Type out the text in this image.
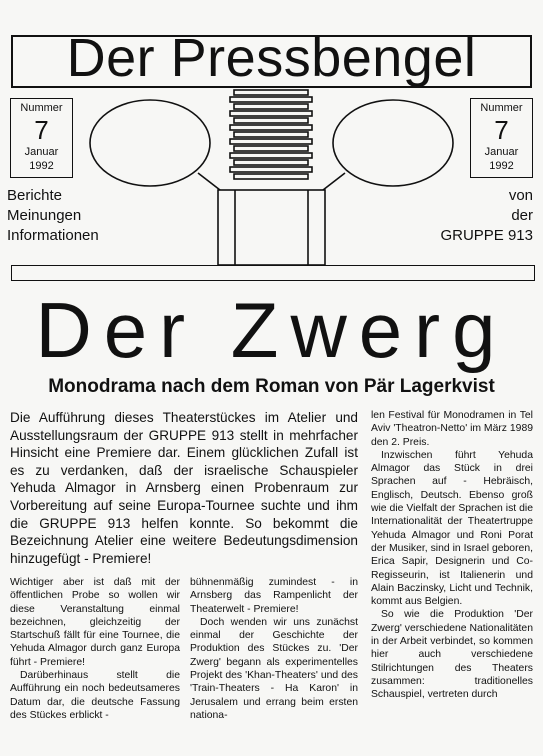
Der Pressbengel
Nummer
7
Januar
1992
Nummer
7
Januar
1992
Berichte
Meinungen
Informationen
von
der
GRUPPE 913
Der Zwerg
Monodrama nach dem Roman von Pär Lagerkvist
Die Aufführung dieses Theaterstückes im Atelier und Ausstellungsraum der GRUPPE 913 stellt in mehrfacher Hinsicht eine Premiere dar. Einem glücklichen Zufall ist es zu verdanken, daß der israelische Schauspieler Yehuda Almagor in Arnsberg einen Probenraum zur Vorbereitung auf seine Europa-Tournee suchte und ihm die GRUPPE 913 helfen konnte. So bekommt die Bezeichnung Atelier eine weitere Bedeutungsdimension hinzugefügt - Premiere!

Wichtiger aber ist daß mit der öffentlichen Probe so wollen wir diese Veranstaltung einmal bezeichnen, gleichzeitig der Startschuß fällt für eine Tournee, die Yehuda Almagor durch ganz Europa führt - Premiere!

Darüberhinaus stellt die Aufführung ein noch bedeutsameres Datum dar, die deutsche Fassung des Stückes erblickt -

bühnenmäßig zumindest - in Arnsberg das Rampenlicht der Theaterwelt - Premiere!

Doch wenden wir uns zunächst einmal der Geschichte der Produktion des Stückes zu. 'Der Zwerg' begann als experimentelles Projekt des 'Khan-Theaters' und des 'Train-Theaters - Ha Karon' in Jerusalem und errang beim ersten nationa-

len Festival für Monodramen in Tel Aviv 'Theatron-Netto' im März 1989 den 2. Preis.

Inzwischen führt Yehuda Almagor das Stück in drei Sprachen auf - Hebräisch, Englisch, Deutsch. Ebenso groß wie die Vielfalt der Sprachen ist die Internationalität der Theatertruppe Yehuda Almagor und Roni Porat der Musiker, sind in Israel geboren, Erica Sapir, Designerin und Co-Regisseurin, ist Italienerin und Alain Baczinsky, Licht und Technik, kommt aus Belgien.

So wie die Produktion 'Der Zwerg' verschiedene Nationalitäten in der Arbeit verbindet, so kommen hier auch verschiedene Stilrichtungen des Theaters zusammen: traditionelles Schauspiel, vertreten durch
